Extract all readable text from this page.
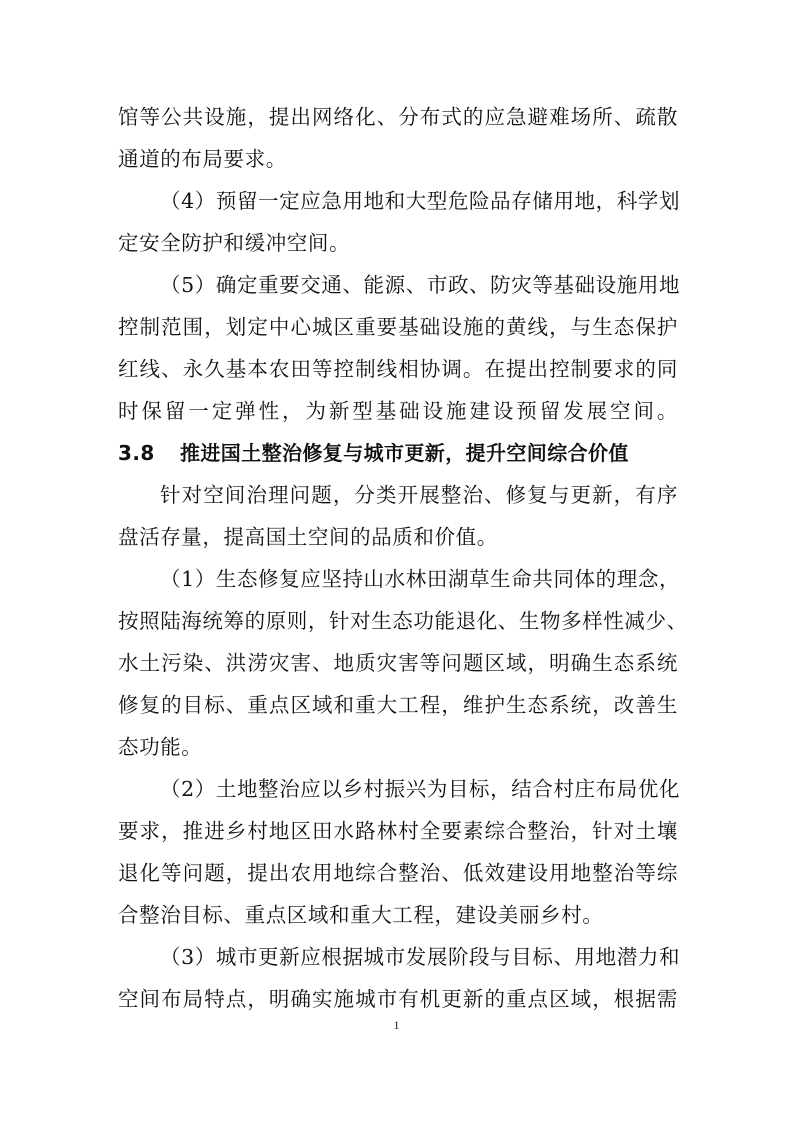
馆等公共设施，提出网络化、分布式的应急避难场所、疏散
通道的布局要求。
（4）预留一定应急用地和大型危险品存储用地，科学划
定安全防护和缓冲空间。
（5）确定重要交通、能源、市政、防灾等基础设施用地
控制范围，划定中心城区重要基础设施的黄线，与生态保护
红线、永久基本农田等控制线相协调。在提出控制要求的同
时保留一定弹性，为新型基础设施建设预留发展空间。
3.8 推进国土整治修复与城市更新，提升空间综合价值
针对空间治理问题，分类开展整治、修复与更新，有序
盘活存量，提高国土空间的品质和价值。
（1）生态修复应坚持山水林田湖草生命共同体的理念，
按照陆海统筹的原则，针对生态功能退化、生物多样性减少、
水土污染、洪涝灾害、地质灾害等问题区域，明确生态系统
修复的目标、重点区域和重大工程，维护生态系统，改善生
态功能。
（2）土地整治应以乡村振兴为目标，结合村庄布局优化
要求，推进乡村地区田水路林村全要素综合整治，针对土壤
退化等问题，提出农用地综合整治、低效建设用地整治等综
合整治目标、重点区域和重大工程，建设美丽乡村。
（3）城市更新应根据城市发展阶段与目标、用地潜力和
空间布局特点，明确实施城市有机更新的重点区域，根据需
1
